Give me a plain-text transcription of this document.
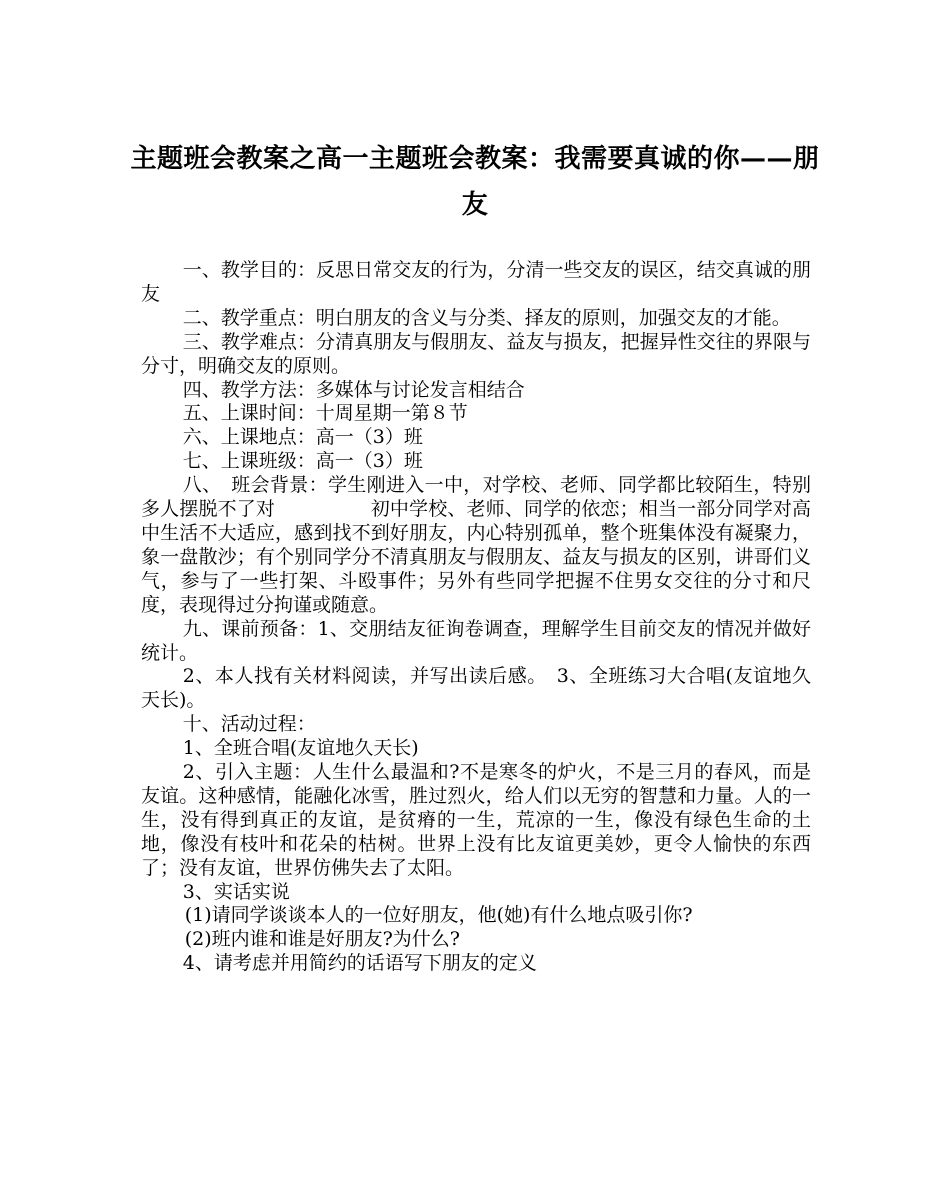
主题班会教案之高一主题班会教案：我需要真诚的你——朋友

一、教学目的：反思日常交友的行为，分清一些交友的误区，结交真诚的朋友

二、教学重点：明白朋友的含义与分类、择友的原则，加强交友的才能。

三、教学难点：分清真朋友与假朋友、益友与损友，把握异性交往的界限与分寸，明确交友的原则。

四、教学方法：多媒体与讨论发言相结合

五、上课时间：十周星期一第８节

六、上课地点：高一（3）班

七、上课班级：高一（3）班

八、　班会背景：学生刚进入一中，对学校、老师、同学都比较陌生，特别多人摆脱不了对　　　　　初中学校、老师、同学的依恋；相当一部分同学对高中生活不大适应，感到找不到好朋友，内心特别孤单，整个班集体没有凝聚力，象一盘散沙；有个别同学分不清真朋友与假朋友、益友与损友的区别，讲哥们义气，参与了一些打架、斗殴事件；另外有些同学把握不住男女交往的分寸和尺度，表现得过分拘谨或随意。

九、课前预备：1、交朋结友征询卷调查，理解学生目前交友的情况并做好统计。

2、本人找有关材料阅读，并写出读后感。　3、全班练习大合唱(友谊地久天长)。

十、活动过程：

1、全班合唱(友谊地久天长)

2、引入主题：人生什么最温和?不是寒冬的炉火，不是三月的春风，而是友谊。这种感情，能融化冰雪，胜过烈火，给人们以无穷的智慧和力量。人的一生，没有得到真正的友谊，是贫瘠的一生，荒凉的一生，像没有绿色生命的土地，像没有枝叶和花朵的枯树。世界上没有比友谊更美妙，更令人愉快的东西了；没有友谊，世界仿佛失去了太阳。

3、实话实说

(1)请同学谈谈本人的一位好朋友，他(她)有什么地点吸引你?

(2)班内谁和谁是好朋友?为什么?

4、请考虑并用简约的话语写下朋友的定义
